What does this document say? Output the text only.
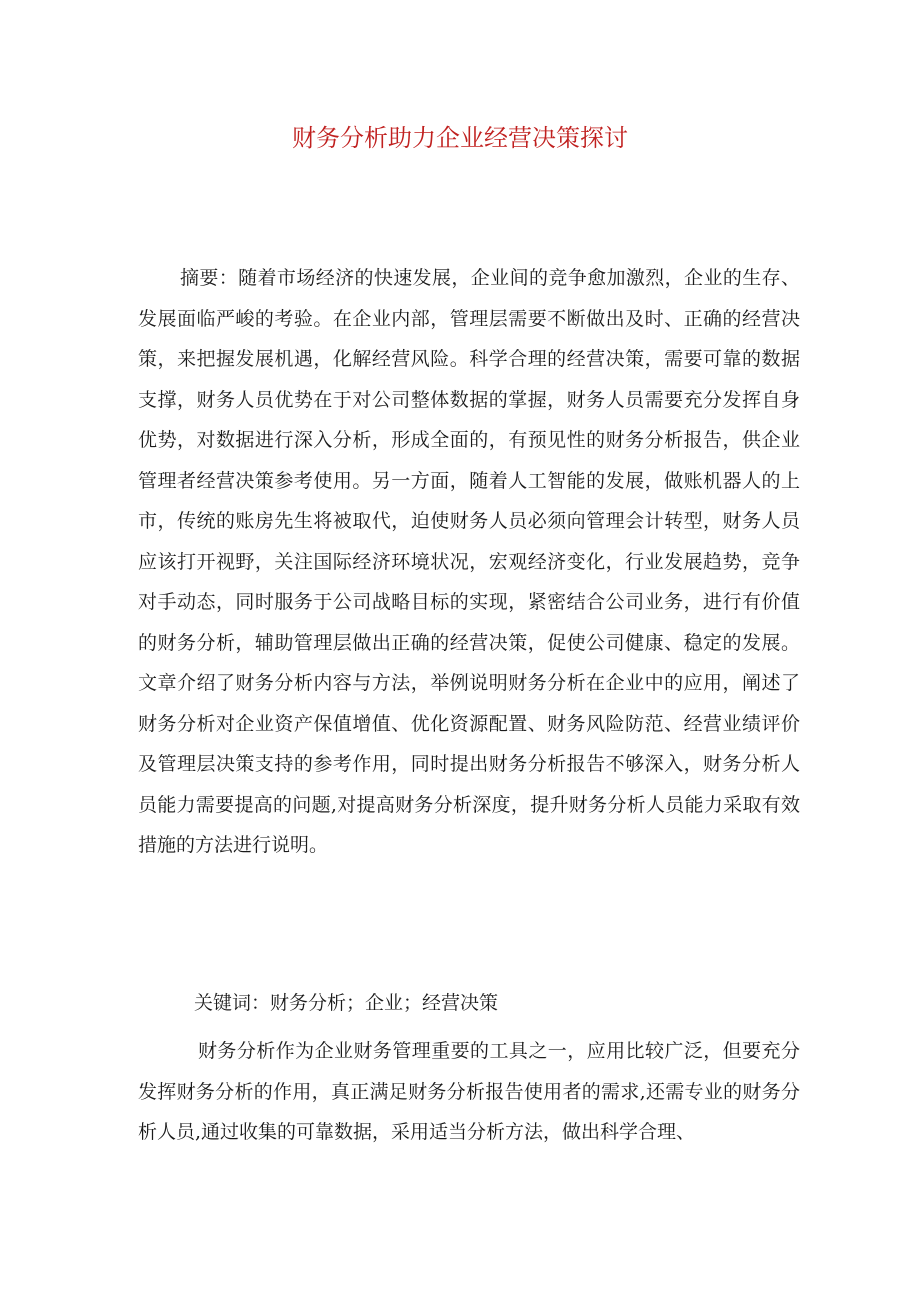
财务分析助力企业经营决策探讨

摘要：随着市场经济的快速发展，企业间的竞争愈加激烈，企业的生存、发展面临严峻的考验。在企业内部，管理层需要不断做出及时、正确的经营决策，来把握发展机遇，化解经营风险。科学合理的经营决策，需要可靠的数据支撑，财务人员优势在于对公司整体数据的掌握，财务人员需要充分发挥自身优势，对数据进行深入分析，形成全面的，有预见性的财务分析报告，供企业管理者经营决策参考使用。另一方面，随着人工智能的发展，做账机器人的上市，传统的账房先生将被取代，迫使财务人员必须向管理会计转型，财务人员应该打开视野，关注国际经济环境状况，宏观经济变化，行业发展趋势，竞争对手动态，同时服务于公司战略目标的实现，紧密结合公司业务，进行有价值的财务分析，辅助管理层做出正确的经营决策，促使公司健康、稳定的发展。文章介绍了财务分析内容与方法，举例说明财务分析在企业中的应用，阐述了财务分析对企业资产保值增值、优化资源配置、财务风险防范、经营业绩评价及管理层决策支持的参考作用，同时提出财务分析报告不够深入，财务分析人员能力需要提高的问题,对提高财务分析深度，提升财务分析人员能力采取有效措施的方法进行说明。

关键词：财务分析；企业；经营决策

财务分析作为企业财务管理重要的工具之一，应用比较广泛，但要充分发挥财务分析的作用，真正满足财务分析报告使用者的需求,还需专业的财务分析人员,通过收集的可靠数据，采用适当分析方法，做出科学合理、
